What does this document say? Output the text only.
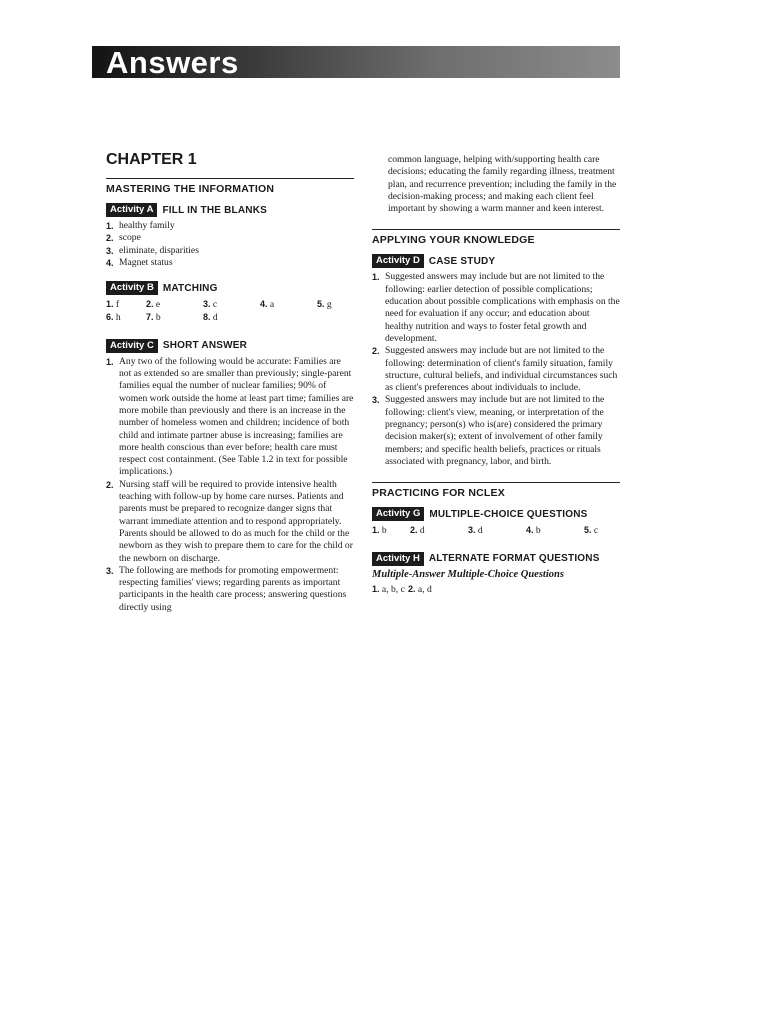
Answers
CHAPTER 1
MASTERING THE INFORMATION
Activity A FILL IN THE BLANKS
1. healthy family
2. scope
3. eliminate, disparities
4. Magnet status
Activity B MATCHING
1. f	2. e	3. c	4. a	5. g
6. h	7. b	8. d
Activity C SHORT ANSWER
1. Any two of the following would be accurate: Families are not as extended so are smaller than previously; single-parent families equal the number of nuclear families; 90% of women work outside the home at least part time; families are more mobile than previously and there is an increase in the number of homeless women and children; incidence of both child and intimate partner abuse is increasing; families are more health conscious than ever before; health care must respect cost containment. (See Table 1.2 in text for possible implications.)
2. Nursing staff will be required to provide intensive health teaching with follow-up by home care nurses. Patients and parents must be prepared to recognize danger signs that warrant immediate attention and to respond appropriately. Parents should be allowed to do as much for the child or the newborn as they wish to prepare them to care for the child or the newborn on discharge.
3. The following are methods for promoting empowerment: respecting families' views; regarding parents as important participants in the health care process; answering questions directly using
common language, helping with/supporting health care decisions; educating the family regarding illness, treatment plan, and recurrence prevention; including the family in the decision-making process; and making each client feel important by showing a warm manner and keen interest.
APPLYING YOUR KNOWLEDGE
Activity D CASE STUDY
1. Suggested answers may include but are not limited to the following: earlier detection of possible complications; education about possible complications with emphasis on the need for evaluation if any occur; and education about healthy nutrition and ways to foster fetal growth and development.
2. Suggested answers may include but are not limited to the following: determination of client's family situation, family structure, cultural beliefs, and individual circumstances such as client's preferences about individuals to include.
3. Suggested answers may include but are not limited to the following: client's view, meaning, or interpretation of the pregnancy; person(s) who is(are) considered the primary decision maker(s); extent of involvement of other family members; and specific health beliefs, practices or rituals associated with pregnancy, labor, and birth.
PRACTICING FOR NCLEX
Activity G MULTIPLE-CHOICE QUESTIONS
1. b	2. d	3. d	4. b	5. c
Activity H ALTERNATE FORMAT QUESTIONS
Multiple-Answer Multiple-Choice Questions
1. a, b, c 2. a, d
